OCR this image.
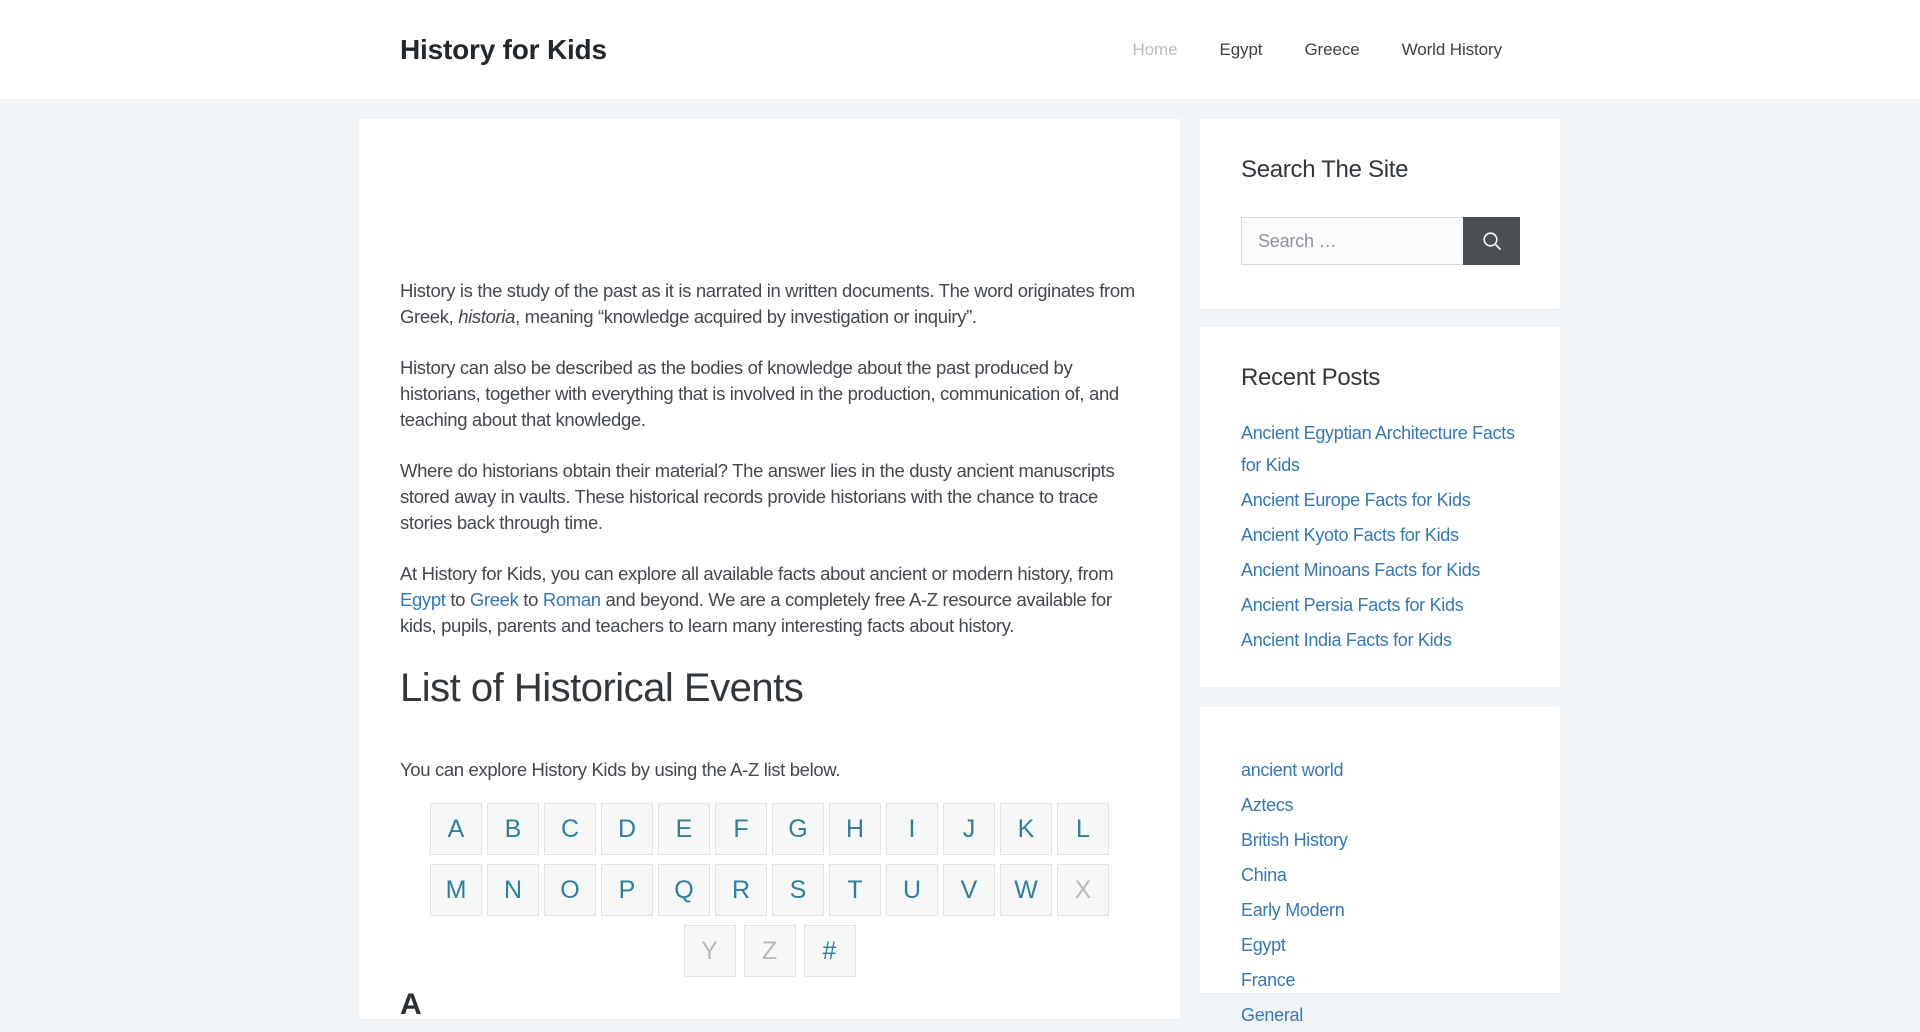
History for Kids	Home Egypt Greece World History

History is the study of the past as it is narrated in written documents. The word originates from Greek, historia, meaning “knowledge acquired by investigation or inquiry”.

History can also be described as the bodies of knowledge about the past produced by historians, together with everything that is involved in the production, communication of, and teaching about that knowledge.

Where do historians obtain their material? The answer lies in the dusty ancient manuscripts stored away in vaults. These historical records provide historians with the chance to trace stories back through time.

At History for Kids, you can explore all available facts about ancient or modern history, from Egypt to Greek to Roman and beyond. We are a completely free A-Z resource available for kids, pupils, parents and teachers to learn many interesting facts about history.

List of Historical Events

You can explore History Kids by using the A-Z list below.

A	B	C	D	E	F	G	H	I	J	K	L
M	N	O	P	Q	R	S	T	U	V	W	X
Y	Z	#
A
Search The Site
Search …
Recent Posts
Ancient Egyptian Architecture Facts for Kids
Ancient Europe Facts for Kids
Ancient Kyoto Facts for Kids
Ancient Minoans Facts for Kids
Ancient Persia Facts for Kids
Ancient India Facts for Kids
ancient world
Aztecs
British History
China
Early Modern
Egypt
France
General
